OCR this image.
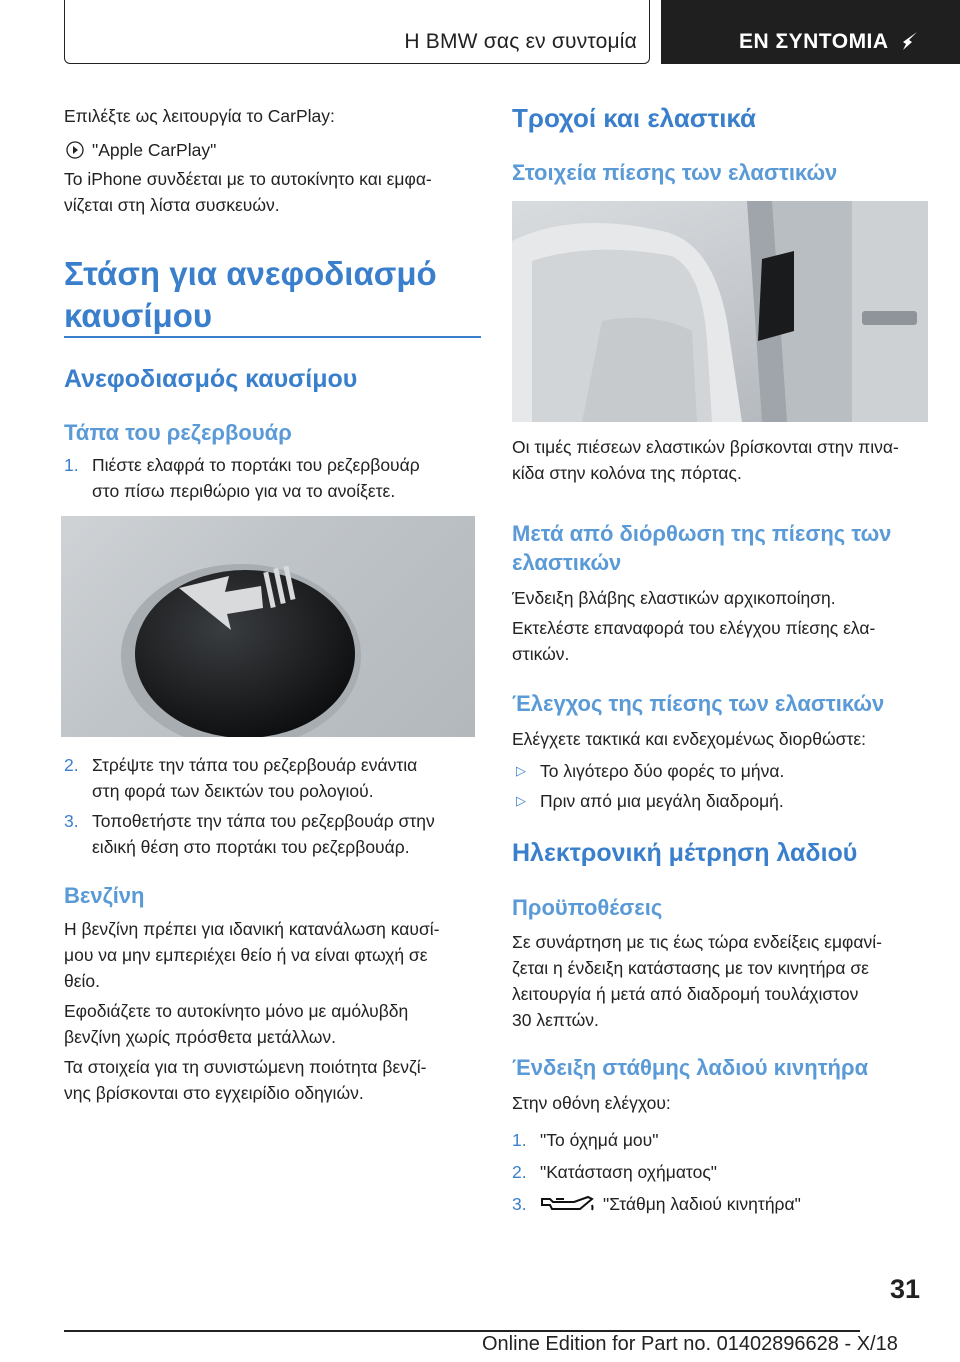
Η BMW σας εν συντομία	ΕΝ ΣΥΝΤΟΜΙΑ
Επιλέξτε ως λειτουργία το CarPlay:
"Apple CarPlay"
Το iPhone συνδέεται με το αυτοκίνητο και εμφα-
νίζεται στη λίστα συσκευών.
Στάση για ανεφοδιασμό
καυσίμου
Ανεφοδιασμός καυσίμου
Τάπα του ρεζερβουάρ
1. Πιέστε ελαφρά το πορτάκι του ρεζερβουάρ
στο πίσω περιθώριο για να το ανοίξετε.
2. Στρέψτε την τάπα του ρεζερβουάρ ενάντια
στη φορά των δεικτών του ρολογιού.
3. Τοποθετήστε την τάπα του ρεζερβουάρ στην
ειδική θέση στο πορτάκι του ρεζερβουάρ.
Βενζίνη
Η βενζίνη πρέπει για ιδανική κατανάλωση καυσί-
μου να μην εμπεριέχει θείο ή να είναι φτωχή σε
θείο.
Εφοδιάζετε το αυτοκίνητο μόνο με αμόλυβδη
βενζίνη χωρίς πρόσθετα μετάλλων.
Τα στοιχεία για τη συνιστώμενη ποιότητα βενζί-
νης βρίσκονται στο εγχειρίδιο οδηγιών.
Τροχοί και ελαστικά
Στοιχεία πίεσης των ελαστικών
Οι τιμές πιέσεων ελαστικών βρίσκονται στην πινα-
κίδα στην κολόνα της πόρτας.
Μετά από διόρθωση της πίεσης των
ελαστικών
Ένδειξη βλάβης ελαστικών αρχικοποίηση.
Εκτελέστε επαναφορά του ελέγχου πίεσης ελα-
στικών.
Έλεγχος της πίεσης των ελαστικών
Ελέγχετε τακτικά και ενδεχομένως διορθώστε:
▷ Το λιγότερο δύο φορές το μήνα.
▷ Πριν από μια μεγάλη διαδρομή.
Ηλεκτρονική μέτρηση λαδιού
Προϋποθέσεις
Σε συνάρτηση με τις έως τώρα ενδείξεις εμφανί-
ζεται η ένδειξη κατάστασης με τον κινητήρα σε
λειτουργία ή μετά από διαδρομή τουλάχιστον
30 λεπτών.
Ένδειξη στάθμης λαδιού κινητήρα
Στην οθόνη ελέγχου:
1. "Το όχημά μου"
2. "Κατάσταση οχήματος"
3.	"Στάθμη λαδιού κινητήρα"
31
Online Edition for Part no. 01402896628 - X/18
